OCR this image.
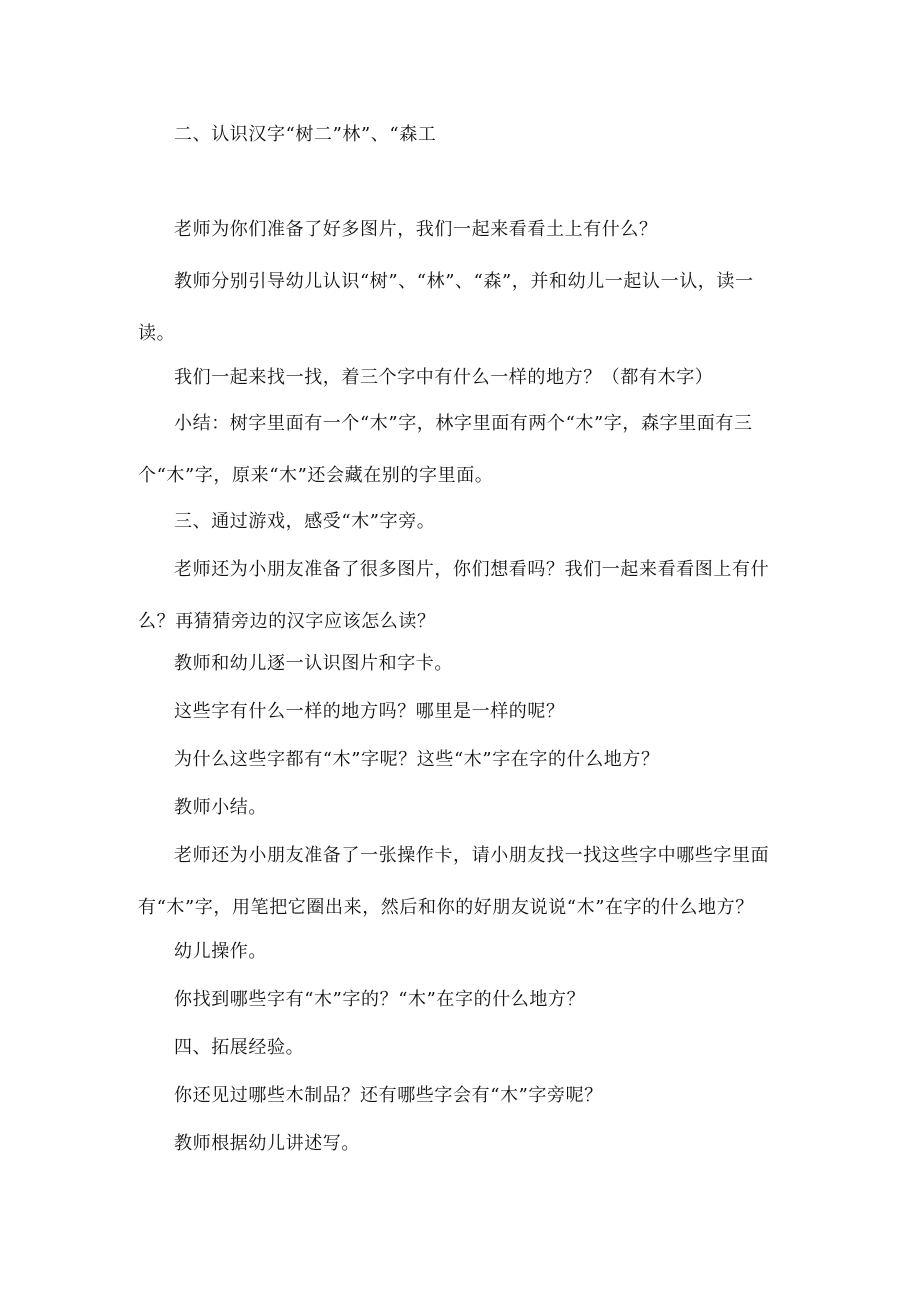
二、认识汉字“树二”林”、“森工

老师为你们准备了好多图片，我们一起来看看土上有什么？

教师分别引导幼儿认识“树”、“林”、“森”，并和幼儿一起认一认，读一读。

我们一起来找一找，着三个字中有什么一样的地方？（都有木字）

小结：树字里面有一个“木”字，林字里面有两个“木”字，森字里面有三个“木”字，原来“木”还会藏在别的字里面。

三、通过游戏，感受“木”字旁。

老师还为小朋友准备了很多图片，你们想看吗？我们一起来看看图上有什么？再猜猜旁边的汉字应该怎么读？

教师和幼儿逐一认识图片和字卡。

这些字有什么一样的地方吗？哪里是一样的呢？

为什么这些字都有“木”字呢？这些“木”字在字的什么地方？

教师小结。

老师还为小朋友准备了一张操作卡，请小朋友找一找这些字中哪些字里面有“木”字，用笔把它圈出来，然后和你的好朋友说说“木”在字的什么地方？

幼儿操作。

你找到哪些字有“木”字的？“木”在字的什么地方？

四、拓展经验。

你还见过哪些木制品？还有哪些字会有“木”字旁呢？

教师根据幼儿讲述写。
